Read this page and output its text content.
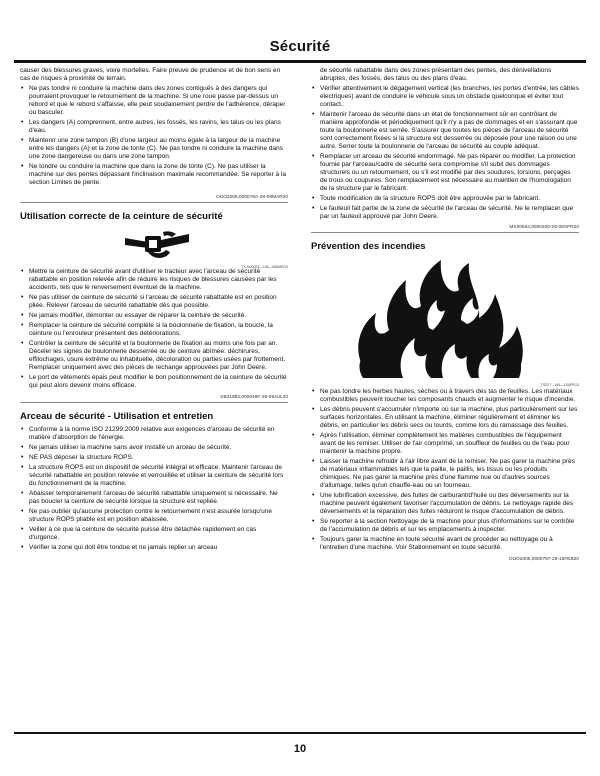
Sécurité

causer des blessures graves, voire mortelles. Faire preuve de prudence et de bon sens en cas de risques à proximité de terrain.

• Ne pas tondre ni conduire la machine dans des zones contiguës à des dangers qui pourraient provoquer le retournement de la machine. Si une roue passe par-dessus un rebord et que le rebord s'affaisse, elle peut soudainement perdre de l'adhérence, déraper ou basculer.
• Les dangers (A) comprennent, entre autres, les fossés, les ravins, les talus ou les plans d'eau.
• Maintenir une zone tampon (B) d'une largeur au moins égale à la largeur de la machine entre les dangers (A) et la zone de tonte (C). Ne pas tondre ni conduire la machine dans une zone dangereuse ou dans une zone tampon.
• Ne tondre ou conduire la machine que dans la zone de tonte (C). Ne pas utiliser la machine sur des pentes dépassant l'inclinaison maximale recommandée. Se reporter à la section Limites de pente.
OUO2005,000078A-28-09MAR20
Utilisation correcte de la ceinture de sécurité
TCXU0001—UN—08MAR13
• Mettre la ceinture de sécurité avant d'utiliser le tracteur avec l'arceau de sécurité rabattable en position relevée afin de réduire les risques de blessures causées par les accidents, tels que le renversement éventuel de la machine.
• Ne pas utiliser de ceinture de sécurité si l'arceau de sécurité rabattable est en position pliée. Relever l'arceau de sécurité rabattable dès que possible.
• Ne jamais modifier, démonter ou essayer de réparer la ceinture de sécurité.
• Remplacer la ceinture de sécurité complète si la boulonnerie de fixation, la boucle, la ceinture ou l'enrouleur présentent des détériorations.
• Contrôler la ceinture de sécurité et la boulonnerie de fixation au moins une fois par an. Déceler les signes de boulonnerie desserrée ou de ceinture abîmée: déchirures, effilochages, usure extrême ou inhabituelle, décoloration ou parties usées par frottement. Remplacer uniquement avec des pièces de rechange approuvées par John Deere.
• Le port de vêtements épais peut modifier le bon positionnement de la ceinture de sécurité qui peut alors devenir moins efficace.
SB31882,000049F-28-09JUL20
Arceau de sécurité - Utilisation et entretien
• Conforme à la norme ISO 21299:2009 relative aux exigences d'arceau de sécurité en matière d'absorption de l'énergie.
• Ne jamais utiliser la machine sans avoir installé un arceau de sécurité.
• NE PAS déposer la structure ROPS.
• La structure ROPS est un dispositif de sécurité intégral et efficace. Maintenir l'arceau de sécurité rabattable en position relevée et verrouillée et utiliser la ceinture de sécurité lors du fonctionnement de la machine.
• Abaisser temporairement l'arceau de sécurité rabattable uniquement si nécessaire. Ne pas boucler la ceinture de sécurité lorsque la structure est repliée.
• Ne pas oublier qu'aucune protection contre le retournement n'est assurée lorsqu'une structure ROPS pliable est en position abaissée.
• Veiller à ce que la ceinture de sécurité puisse être détachée rapidement en cas d'urgence.
• Vérifier la zone qui doit être tondue et ne jamais replier un arceau

de sécurité rabattable dans des zones présentant des pentes, des dénivellations abruptes, des fossés, des talus ou des plans d'eau.

• Vérifier attentivement le dégagement vertical (les branches, les portes d'entrée, les câbles électriques) avant de conduire le véhicule sous un obstacle quelconque et éviter tout contact.
• Maintenir l'arceau de sécurité dans un état de fonctionnement sûr en contrôlant de manière approfondie et périodiquement qu'il n'y a pas de dommages et en s'assurant que toute la boulonnerie est serrée. S'assurer que toutes les pièces de l'arceau de sécurité sont correctement fixées si la structure est desserrée ou déposée pour une raison ou une autre. Serrer toute la boulonnerie de l'arceau de sécurité au couple adéquat.
• Remplacer un arceau de sécurité endommagé. Ne pas réparer ou modifier. La protection fournie par l'arceau/cadre de sécurité sera compromise s'il subit des dommages structurels ou un retournement, ou s'il est modifié par des soudures, torsions, perçages de trous ou coupures. Son remplacement est nécessaire au maintien de l'homologation de la structure par le fabricant.
• Toute modification de la structure ROPS doit être approuvée par le fabricant.
• Le fauteuil fait partie de la zone de sécurité de l'arceau de sécurité. Ne le remplacer que par un fauteuil approuvé par John Deere.
MX00654,0000200-28-08APR20
Prévention des incendies
TS227—UN—15APR13
• Ne pas tondre les herbes hautes, sèches ou à travers des tas de feuilles. Les matériaux combustibles peuvent toucher les composants chauds et augmenter le risque d'incendie.
• Les débris peuvent s'accumuler n'importe où sur la machine, plus particulièrement sur les surfaces horizontales. En utilisant la machine, éliminer régulièrement et éliminer les débris, en particulier les débris secs ou lourds, comme lors du ramassage des feuilles.
• Après l'utilisation, éliminer complètement les matières combustibles de l'équipement avant de les remiser. Utiliser de l'air comprimé, un souffleur de feuilles ou de l'eau pour maintenir la machine propre.
• Laisser la machine refroidir à l'air libre avant de la remiser. Ne pas garer la machine près de matériaux inflammables tels que la paille, le paillis, les tissus ou les produits chimiques. Ne pas garer la machine près d'une flamme nue ou d'autres sources d'allumage, telles qu'un chauffe-eau ou un fourneau.
• Une lubrification excessive, des fuites de carburant/d'huile ou des déversements sur la machine peuvent également favoriser l'accumulation de débris. Le nettoyage rapide des déversements et la réparation des fuites réduiront le risque d'accumulation de débris.
• Se reporter à la section Nettoyage de la machine pour plus d'informations sur le contrôle de l'accumulation de débris et sur les emplacements à inspecter.
• Toujours garer la machine en toute sécurité avant de procéder au nettoyage ou à l'entretien d'une machine. Voir Stationnement en toute sécurité.
OUO2005,0000787-28-15FEB20
10
